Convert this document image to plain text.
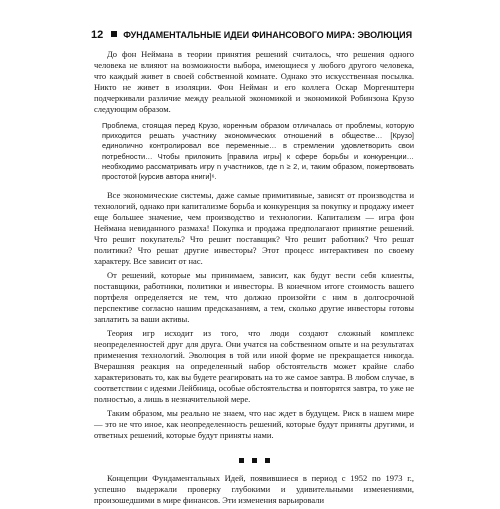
12 ФУНДАМЕНТАЛЬНЫЕ ИДЕИ ФИНАНСОВОГО МИРА: ЭВОЛЮЦИЯ

До фон Неймана в теории принятия решений считалось, что решения одного человека не влияют на возможности выбора, имеющиеся у любого другого человека, что каждый живет в своей собственной комнате. Однако это искусственная посылка. Никто не живет в изоляции. Фон Нейман и его коллега Оскар Моргенштерн подчеркивали различие между реальной экономикой и экономикой Робинзона Крузо следующим образом.

Проблема, стоящая перед Крузо, коренным образом отличалась от проблемы, которую приходится решать участнику экономических отношений в обществе… [Крузо] единолично контролировал все переменные… в стремлении удовлетворить свои потребности… Чтобы приложить [правила игры] к сфере борьбы и конкуренции… необходимо рассматривать игру n участников, где n ≥ 2, и, таким образом, пожертвовать простотой [курсив автора книги]⁶.

Все экономические системы, даже самые примитивные, зависят от производства и технологий, однако при капитализме борьба и конкуренция за покупку и продажу имеет еще большее значение, чем производство и технологии. Капитализм — игра фон Неймана невиданного размаха! Покупка и продажа предполагают принятие решений. Что решит покупатель? Что решит поставщик? Что решит работник? Что решат политики? Что решат другие инвесторы? Этот процесс интерактивен по своему характеру. Все зависит от нас.

От решений, которые мы принимаем, зависит, как будут вести себя клиенты, поставщики, работники, политики и инвесторы. В конечном итоге стоимость вашего портфеля определяется не тем, что должно произойти с ним в долгосрочной перспективе согласно нашим предсказаниям, а тем, сколько другие инвесторы готовы заплатить за ваши активы.

Теория игр исходит из того, что люди создают сложный комплекс неопределенностей друг для друга. Они учатся на собственном опыте и на результатах применения технологий. Эволюция в той или иной форме не прекращается никогда. Вчерашняя реакция на определенный набор обстоятельств может крайне слабо характеризовать то, как вы будете реагировать на то же самое завтра. В любом случае, в соответствии с идеями Лейбница, особые обстоятельства и повторятся завтра, то уже не полностью, а лишь в незначительной мере.

Таким образом, мы реально не знаем, что нас ждет в будущем. Риск в нашем мире — это не что иное, как неопределенность решений, которые будут приняты другими, и ответных решений, которые будут приняты нами.

Концепции Фундаментальных Идей, появившиеся в период с 1952 по 1973 г., успешно выдержали проверку глубокими и удивительными изменениями, произошедшими в мире финансов. Эти изменения варьировали
